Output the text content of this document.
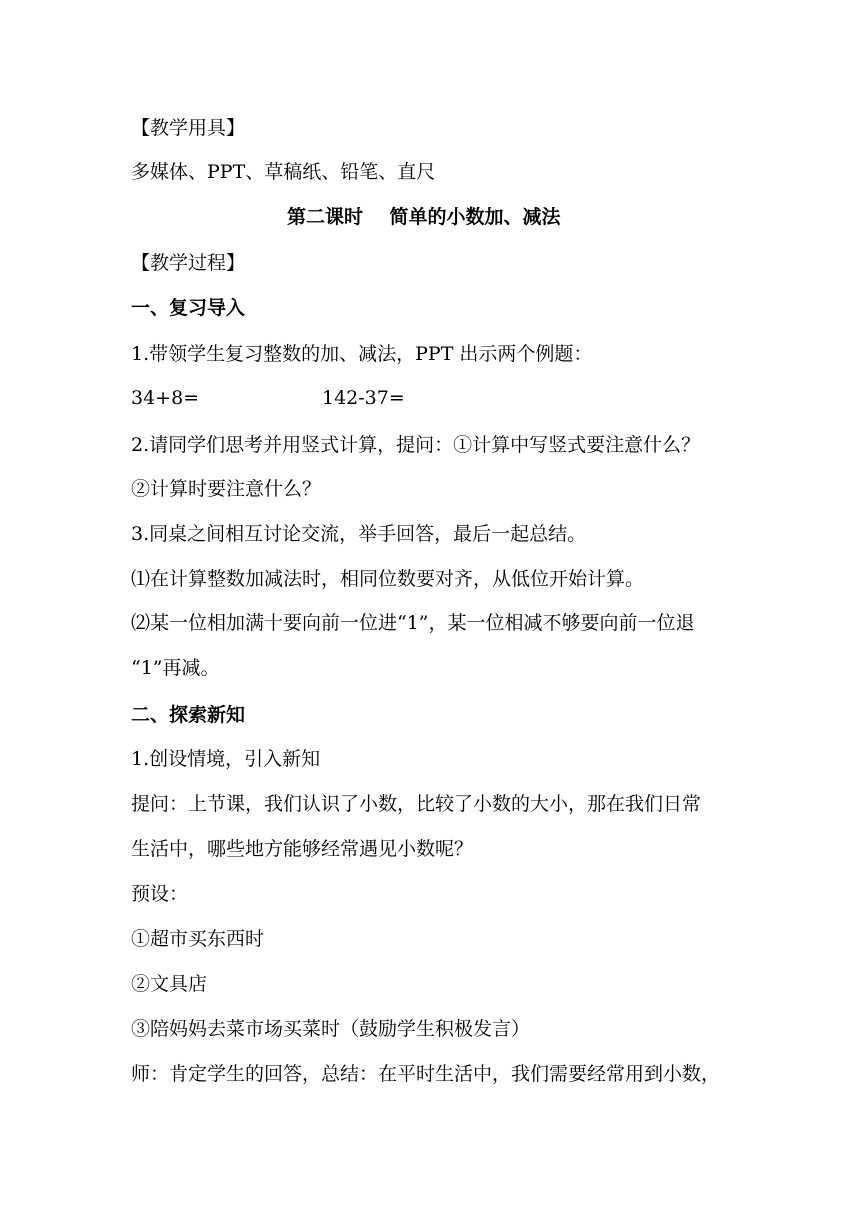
【教学用具】
多媒体、PPT、草稿纸、铅笔、直尺
第二课时    简单的小数加、减法
【教学过程】
一、复习导入
1.带领学生复习整数的加、减法，PPT 出示两个例题：
34+8=	142-37=
2.请同学们思考并用竖式计算，提问：①计算中写竖式要注意什么？
②计算时要注意什么？
3.同桌之间相互讨论交流，举手回答，最后一起总结。
⑴在计算整数加减法时，相同位数要对齐，从低位开始计算。
⑵某一位相加满十要向前一位进“1”，某一位相减不够要向前一位退
“1”再减。
二、探索新知
1.创设情境，引入新知
提问：上节课，我们认识了小数，比较了小数的大小，那在我们日常
生活中，哪些地方能够经常遇见小数呢？
预设：
①超市买东西时
②文具店
③陪妈妈去菜市场买菜时（鼓励学生积极发言）
师：肯定学生的回答，总结：在平时生活中，我们需要经常用到小数，
